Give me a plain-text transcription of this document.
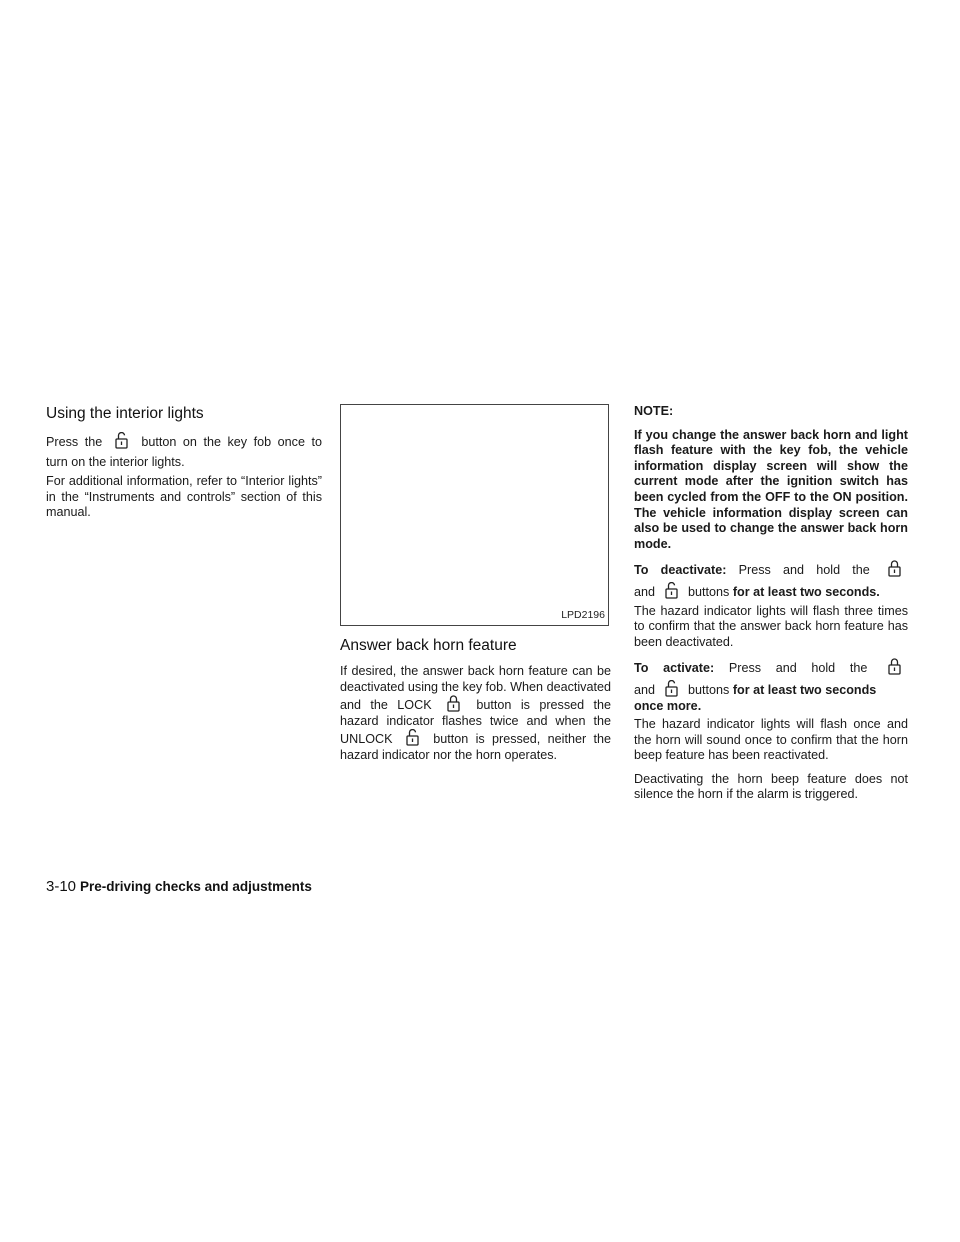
Using the interior lights

Press the	button on the key fob once to

turn on the interior lights.

For additional information, refer to “Interior lights” in the “Instruments and controls” section of this manual.

LPD2196
Answer back horn feature

If desired, the answer back horn feature can be

deactivated using the key fob. When deactivated

and the LOCK	button is pressed the

hazard indicator flashes twice and when the

UNLOCK	button is pressed, neither the

hazard indicator nor the horn operates.

NOTE:

If you change the answer back horn and light flash feature with the key fob, the vehicle information display screen will show the current mode after the ignition switch has been cycled from the OFF to the ON position. The vehicle information display screen can also be used to change the answer back horn mode.

To deactivate: Press and hold the

and	buttons for at least two seconds.

The hazard indicator lights will flash three times to confirm that the answer back horn feature has been deactivated.

To activate: Press and hold the

and	buttons for at least two seconds once more.

The hazard indicator lights will flash once and the horn will sound once to confirm that the horn beep feature has been reactivated.

Deactivating the horn beep feature does not silence the horn if the alarm is triggered.

3-10 Pre-driving checks and adjustments
